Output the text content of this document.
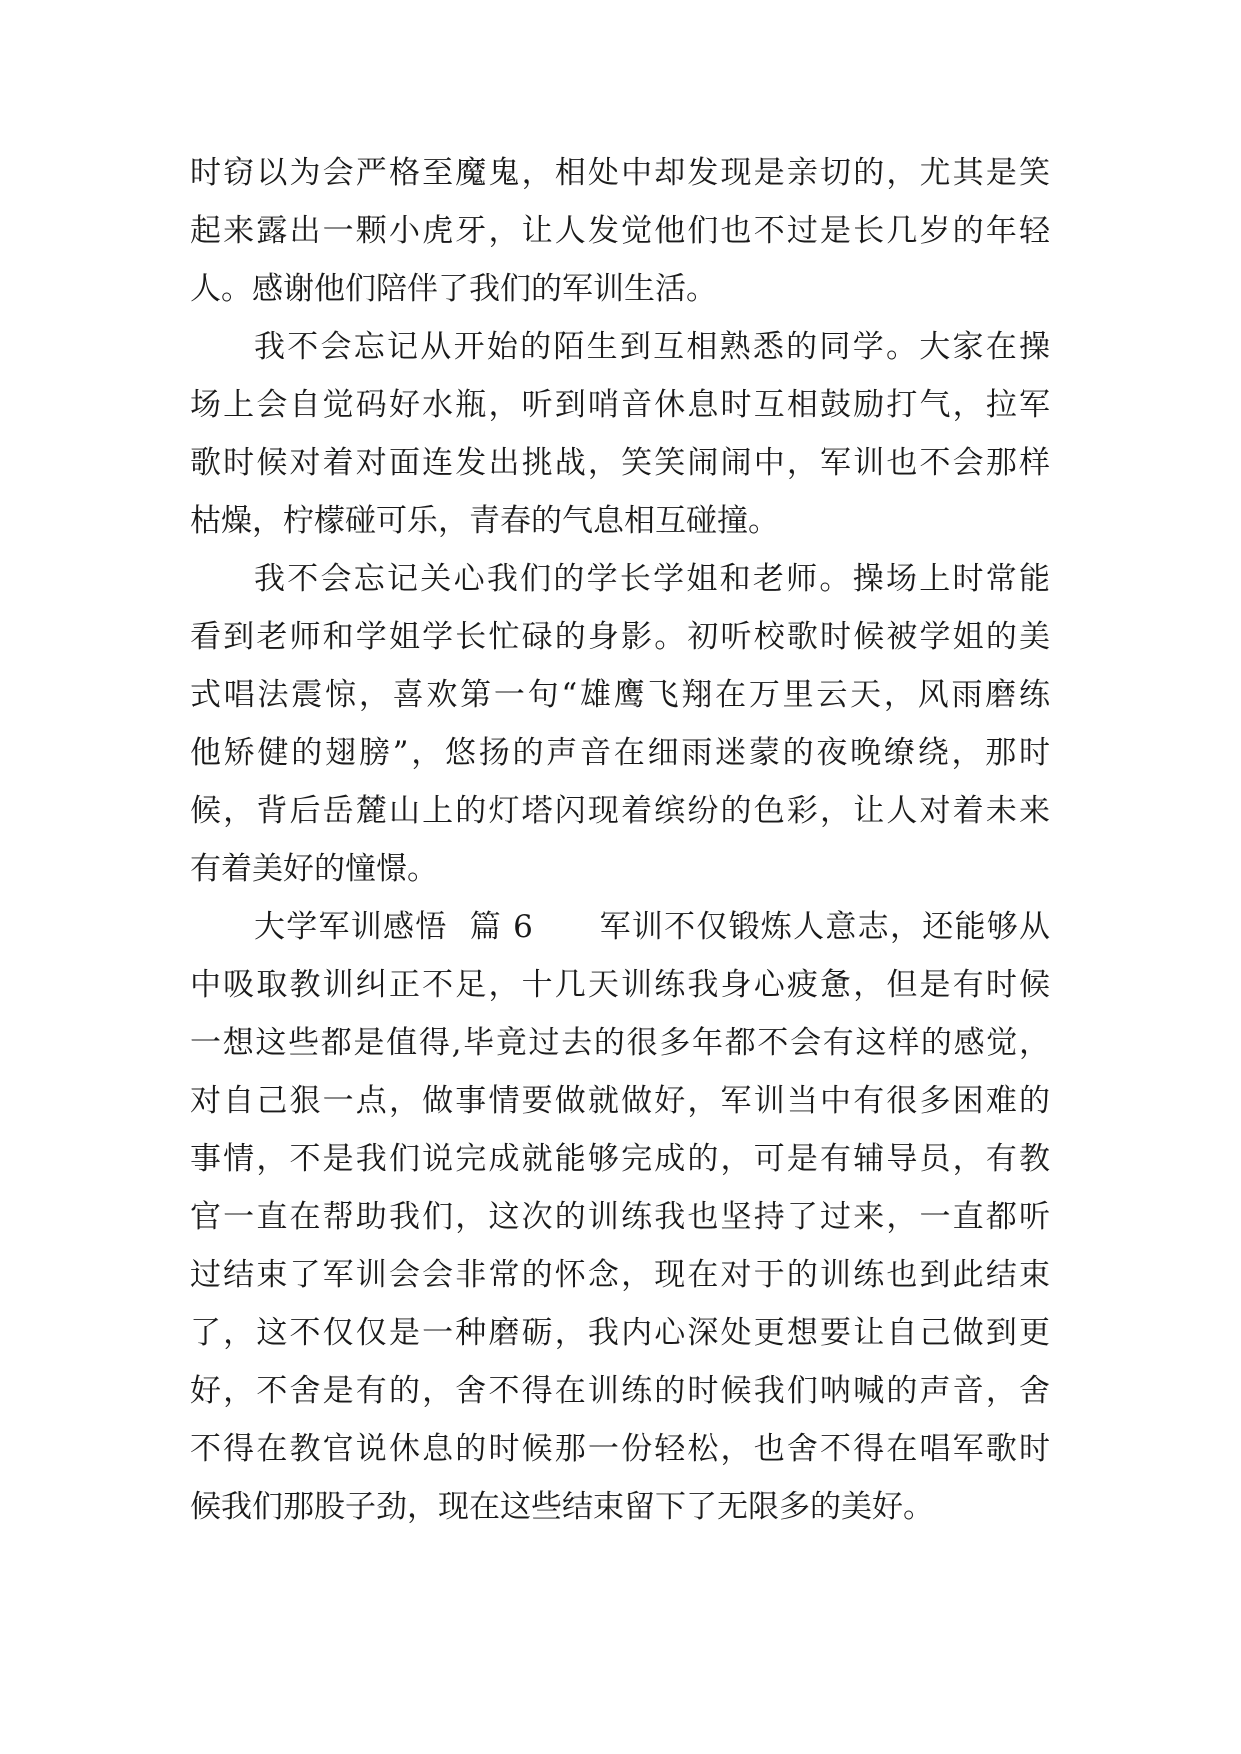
时窃以为会严格至魔鬼，相处中却发现是亲切的，尤其是笑
起来露出一颗小虎牙，让人发觉他们也不过是长几岁的年轻
人。感谢他们陪伴了我们的军训生活。
我不会忘记从开始的陌生到互相熟悉的同学。大家在操
场上会自觉码好水瓶，听到哨音休息时互相鼓励打气，拉军
歌时候对着对面连发出挑战，笑笑闹闹中，军训也不会那样
枯燥，柠檬碰可乐，青春的气息相互碰撞。
我不会忘记关心我们的学长学姐和老师。操场上时常能
看到老师和学姐学长忙碌的身影。初听校歌时候被学姐的美
式唱法震惊，喜欢第一句“雄鹰飞翔在万里云天，风雨磨练
他矫健的翅膀”，悠扬的声音在细雨迷蒙的夜晚缭绕，那时
候，背后岳麓山上的灯塔闪现着缤纷的色彩，让人对着未来
有着美好的憧憬。
大学军训感悟  篇 6      军训不仅锻炼人意志，还能够从
中吸取教训纠正不足，十几天训练我身心疲惫，但是有时候
一想这些都是值得,毕竟过去的很多年都不会有这样的感觉，
对自己狠一点，做事情要做就做好，军训当中有很多困难的
事情，不是我们说完成就能够完成的，可是有辅导员，有教
官一直在帮助我们，这次的训练我也坚持了过来，一直都听
过结束了军训会会非常的怀念，现在对于的训练也到此结束
了，这不仅仅是一种磨砺，我内心深处更想要让自己做到更
好，不舍是有的，舍不得在训练的时候我们呐喊的声音，舍
不得在教官说休息的时候那一份轻松，也舍不得在唱军歌时
候我们那股子劲，现在这些结束留下了无限多的美好。
